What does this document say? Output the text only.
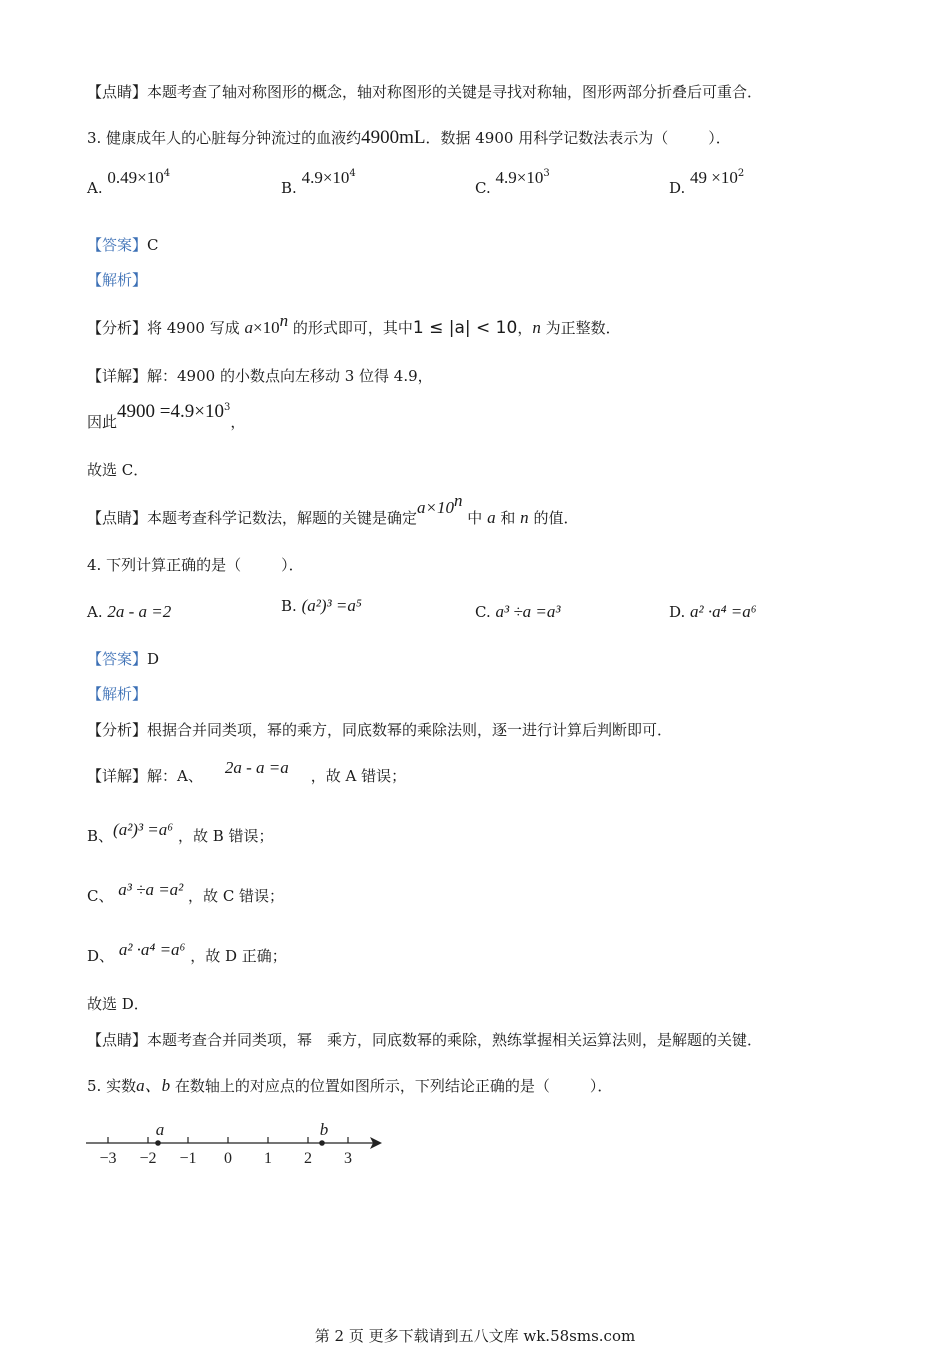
【点睛】本题考查了轴对称图形的概念，轴对称图形的关键是寻找对称轴，图形两部分折叠后可重合．
3. 健康成年人的心脏每分钟流过的血液约4900mL．数据 4900 用科学记数法表示为（	）．
A. $0.49\times 10^4$
B. $4.9\times 10^4$
C. $4.9\times 10^3$
D. $49 \times 10^2$
【答案】C
【解析】
【分析】将 4900 写成 $a\times 10^n$ 的形式即可，其中1 ≤ |a| < 10，n 为正整数．
【详解】解：4900 的小数点向左移动 3 位得 4.9，
因此$4900 =4.9\times 10^3$，
故选 C．
【点睛】本题考查科学记数法，解题的关键是确定$a\times 10^n$ 中 a 和 n 的值．
4. 下列计算正确的是（	）．
A. 2a - a =2	B. (a²)³ =a⁵	C. a³ ÷a =a³	D. a² ·a⁴ =a⁶
【答案】D
【解析】
【分析】根据合并同类项，幂的乘方，同底数幂的乘除法则，逐一进行计算后判断即可．
【详解】解：A、 2a - a =a ，故 A 错误；
B、(a²)³ =a⁶ ，故 B 错误；
C、 a³ ÷a =a² ，故 C 错误；
D、 a² ·a⁴ =a⁶ ，故 D 正确；
故选 D．
【点睛】本题考查合并同类项，幂　乘方，同底数幂的乘除，熟练掌握相关运算法则，是解题的关键．
5. 实数a、b 在数轴上的对应点的位置如图所示，下列结论正确的是（	）．
−3 −2 −1 0 1 2 3
a	b
第 2 页 更多下载请到五八文库 wk.58sms.com
